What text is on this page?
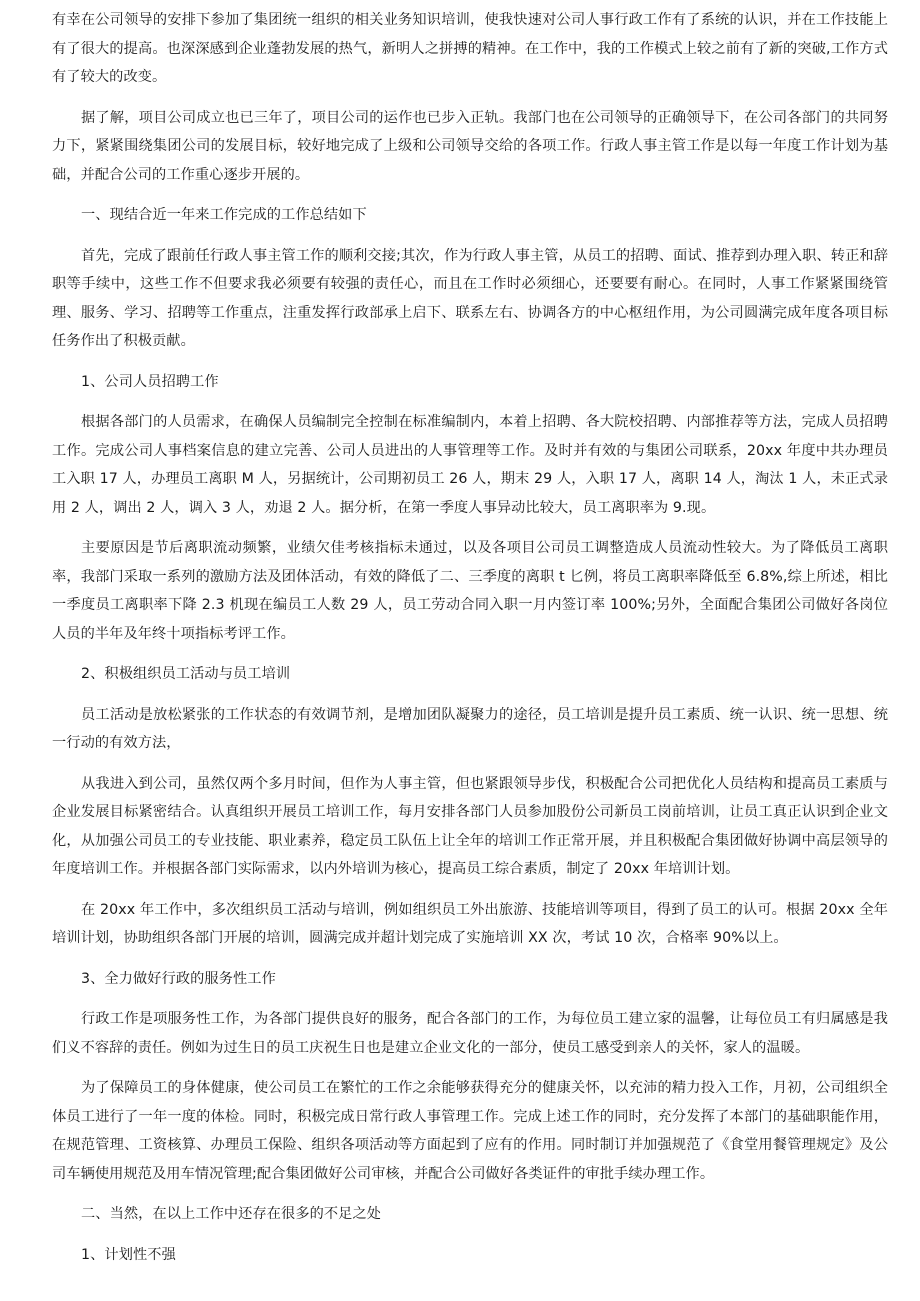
有幸在公司领导的安排下参加了集团统一组织的相关业务知识培训，使我快速对公司人事行政工作有了系统的认识，并在工作技能上有了很大的提高。也深深感到企业蓬勃发展的热气，新明人之拼搏的精神。在工作中，我的工作模式上较之前有了新的突破,工作方式有了较大的改变。

据了解，项目公司成立也已三年了，项目公司的运作也已步入正轨。我部门也在公司领导的正确领导下，在公司各部门的共同努力下，紧紧围绕集团公司的发展目标，较好地完成了上级和公司领导交给的各项工作。行政人事主管工作是以每一年度工作计划为基础，并配合公司的工作重心逐步开展的。

一、现结合近一年来工作完成的工作总结如下

首先，完成了跟前任行政人事主管工作的顺利交接;其次，作为行政人事主管，从员工的招聘、面试、推荐到办理入职、转正和辞职等手续中，这些工作不但要求我必须要有较强的责任心，而且在工作时必须细心，还要要有耐心。在同时，人事工作紧紧围绕管理、服务、学习、招聘等工作重点，注重发挥行政部承上启下、联系左右、协调各方的中心枢纽作用，为公司圆满完成年度各项目标任务作出了积极贡献。

1、公司人员招聘工作

根据各部门的人员需求，在确保人员编制完全控制在标准编制内，本着上招聘、各大院校招聘、内部推荐等方法，完成人员招聘工作。完成公司人事档案信息的建立完善、公司人员进出的人事管理等工作。及时并有效的与集团公司联系，20xx 年度中共办理员工入职 17 人，办理员工离职 M 人，另据统计，公司期初员工 26 人，期末 29 人，入职 17 人，离职 14 人，淘汰 1 人，未正式录用 2 人，调出 2 人，调入 3 人，劝退 2 人。据分析，在第一季度人事异动比较大，员工离职率为 9.现。

主要原因是节后离职流动频繁，业绩欠佳考核指标未通过，以及各项目公司员工调整造成人员流动性较大。为了降低员工离职率，我部门采取一系列的激励方法及团体活动，有效的降低了二、三季度的离职 t 匕例，将员工离职率降低至 6.8%,综上所述，相比一季度员工离职率下降 2.3 机现在编员工人数 29 人，员工劳动合同入职一月内签订率 100%;另外，全面配合集团公司做好各岗位人员的半年及年终十项指标考评工作。

2、积极组织员工活动与员工培训

员工活动是放松紧张的工作状态的有效调节剂，是增加团队凝聚力的途径，员工培训是提升员工素质、统一认识、统一思想、统一行动的有效方法，

从我进入到公司，虽然仅两个多月时间，但作为人事主管，但也紧跟领导步伐，积极配合公司把优化人员结构和提高员工素质与企业发展目标紧密结合。认真组织开展员工培训工作，每月安排各部门人员参加股份公司新员工岗前培训，让员工真正认识到企业文化，从加强公司员工的专业技能、职业素养，稳定员工队伍上让全年的培训工作正常开展，并且积极配合集团做好协调中高层领导的年度培训工作。并根据各部门实际需求，以内外培训为核心，提高员工综合素质，制定了 20xx 年培训计划。

在 20xx 年工作中，多次组织员工活动与培训，例如组织员工外出旅游、技能培训等项目，得到了员工的认可。根据 20xx 全年培训计划，协助组织各部门开展的培训，圆满完成并超计划完成了实施培训 XX 次，考试 10 次，合格率 90%以上。

3、全力做好行政的服务性工作

行政工作是项服务性工作，为各部门提供良好的服务，配合各部门的工作，为每位员工建立家的温馨，让每位员工有归属感是我们义不容辞的责任。例如为过生日的员工庆祝生日也是建立企业文化的一部分，使员工感受到亲人的关怀，家人的温暖。

为了保障员工的身体健康，使公司员工在繁忙的工作之余能够获得充分的健康关怀，以充沛的精力投入工作，月初，公司组织全体员工进行了一年一度的体检。同时，积极完成日常行政人事管理工作。完成上述工作的同时，充分发挥了本部门的基础职能作用，在规范管理、工资核算、办理员工保险、组织各项活动等方面起到了应有的作用。同时制订并加强规范了《食堂用餐管理规定》及公司车辆使用规范及用车情况管理;配合集团做好公司审核，并配合公司做好各类证件的审批手续办理工作。

二、当然，在以上工作中还存在很多的不足之处

1、计划性不强
